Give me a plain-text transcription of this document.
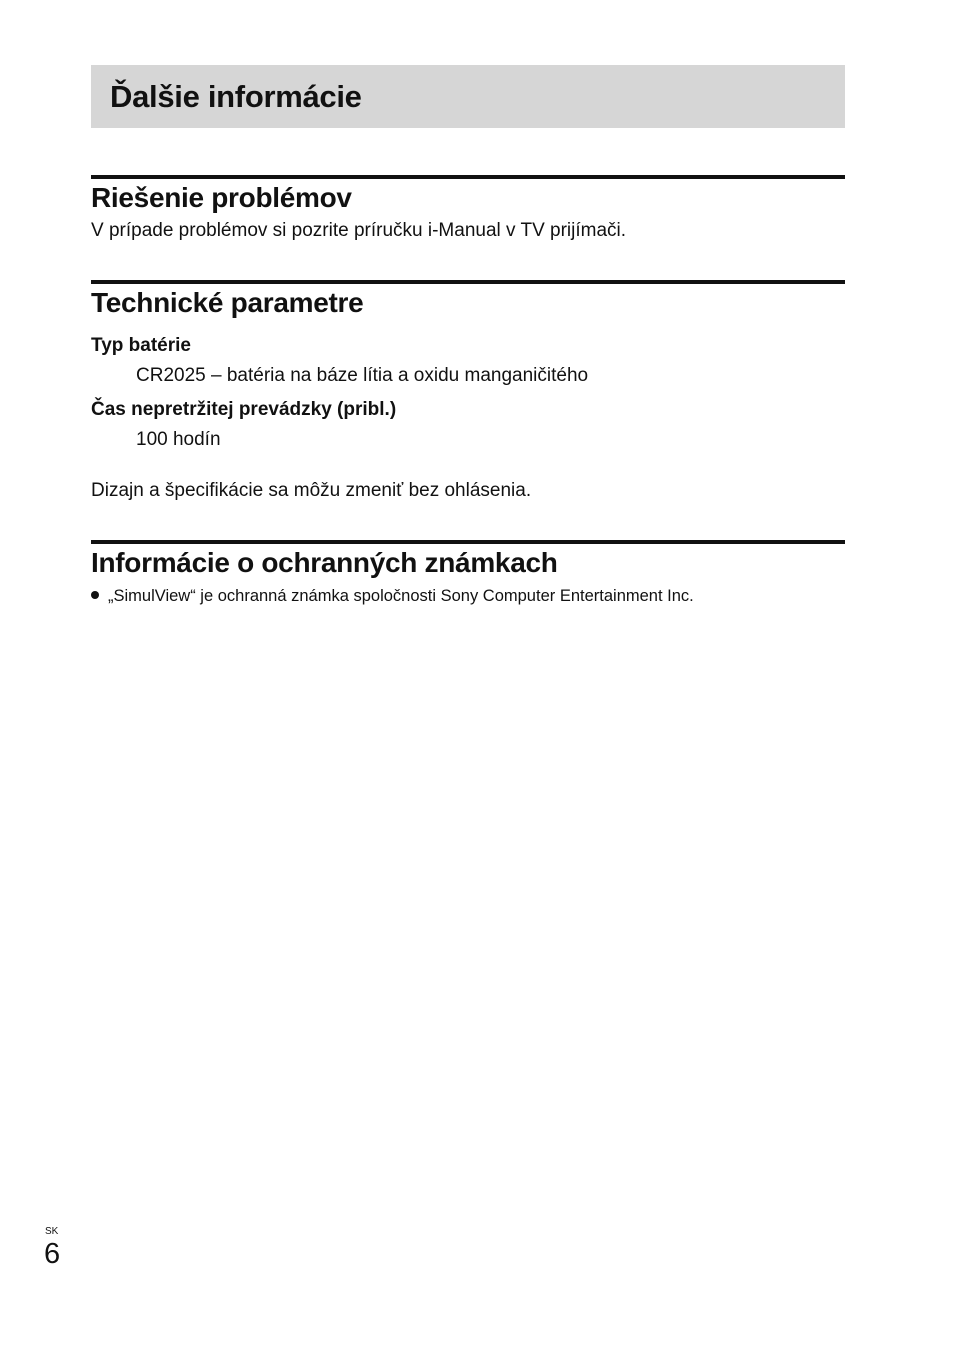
Ďalšie informácie
Riešenie problémov

V prípade problémov si pozrite príručku i-Manual v TV prijímači.

Technické parametre

Typ batérie

CR2025 – batéria na báze lítia a oxidu manganičitého

Čas nepretržitej prevádzky (pribl.)

100 hodín

Dizajn a špecifikácie sa môžu zmeniť bez ohlásenia.

Informácie o ochranných známkach
„SimulView“ je ochranná známka spoločnosti Sony Computer Entertainment Inc.
SK
6
